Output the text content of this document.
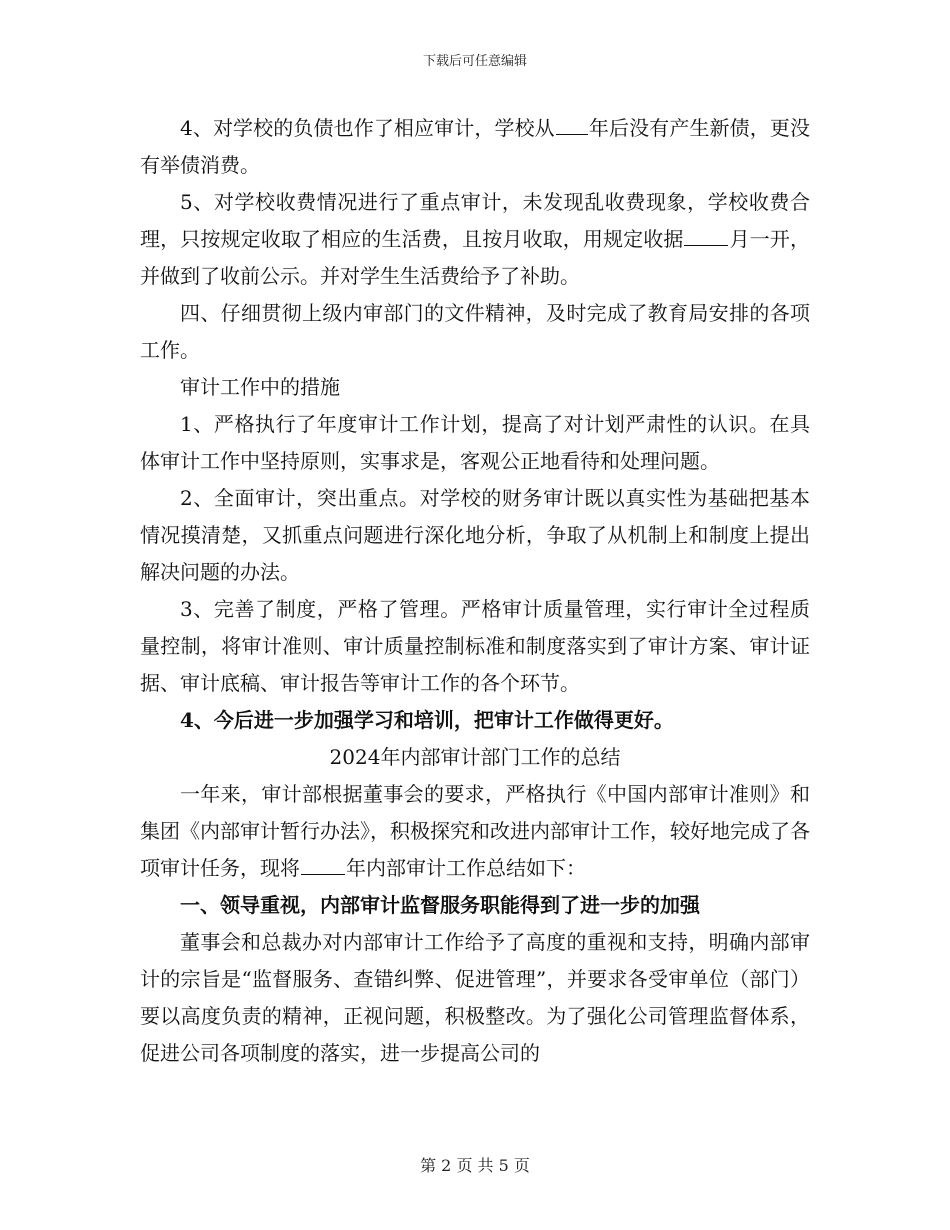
下载后可任意编辑

4、对学校的负债也作了相应审计，学校从 年后没有产生新债，更没有举债消费。

5、对学校收费情况进行了重点审计，未发现乱收费现象，学校收费合理，只按规定收取了相应的生活费，且按月收取，用规定收据 月一开，并做到了收前公示。并对学生生活费给予了补助。

四、仔细贯彻上级内审部门的文件精神，及时完成了教育局安排的各项工作。

审计工作中的措施

1、严格执行了年度审计工作计划，提高了对计划严肃性的认识。在具体审计工作中坚持原则，实事求是，客观公正地看待和处理问题。

2、全面审计，突出重点。对学校的财务审计既以真实性为基础把基本情况摸清楚，又抓重点问题进行深化地分析，争取了从机制上和制度上提出解决问题的办法。

3、完善了制度，严格了管理。严格审计质量管理，实行审计全过程质量控制，将审计准则、审计质量控制标准和制度落实到了审计方案、审计证据、审计底稿、审计报告等审计工作的各个环节。

4、今后进一步加强学习和培训，把审计工作做得更好。

2024年内部审计部门工作的总结

一年来，审计部根据董事会的要求，严格执行《中国内部审计准则》和集团《内部审计暂行办法》，积极探究和改进内部审计工作，较好地完成了各项审计任务，现将 年内部审计工作总结如下：

一、领导重视，内部审计监督服务职能得到了进一步的加强

董事会和总裁办对内部审计工作给予了高度的重视和支持，明确内部审计的宗旨是“监督服务、查错纠弊、促进管理”，并要求各受审单位（部门）要以高度负责的精神，正视问题，积极整改。为了强化公司管理监督体系，促进公司各项制度的落实，进一步提高公司的

第 2 页 共 5 页
